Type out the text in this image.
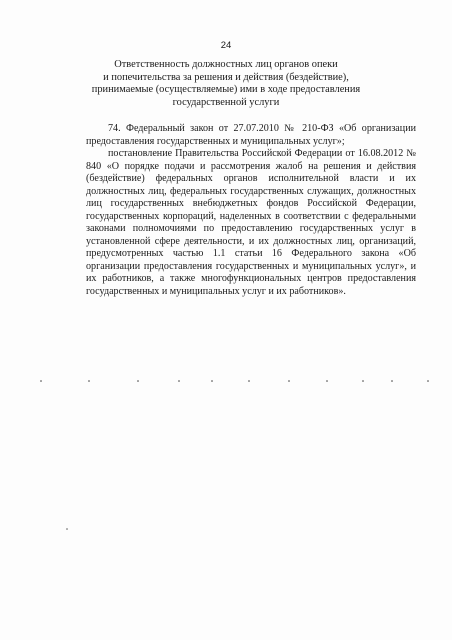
24
Ответственность должностных лиц органов опеки
и попечительства за решения и действия (бездействие),
принимаемые (осуществляемые) ими в ходе предоставления
государственной услуги

74. Федеральный закон от 27.07.2010 № 210-ФЗ «Об организации предоставления государственных и муниципальных услуг»;

постановление Правительства Российской Федерации от 16.08.2012 № 840 «О порядке подачи и рассмотрения жалоб на решения и действия (бездействие) федеральных органов исполнительной власти и их должностных лиц, федеральных государственных служащих, должностных лиц государственных внебюджетных фондов Российской Федерации, государственных корпораций, наделенных в соответствии с федеральными законами полномочиями по предоставлению государственных услуг в установленной сфере деятельности, и их должностных лиц, организаций, предусмотренных частью 1.1 статьи 16 Федерального закона «Об организации предоставления государственных и муниципальных услуг», и их работников, а также многофункциональных центров предоставления государственных и муниципальных услуг и их работников».
